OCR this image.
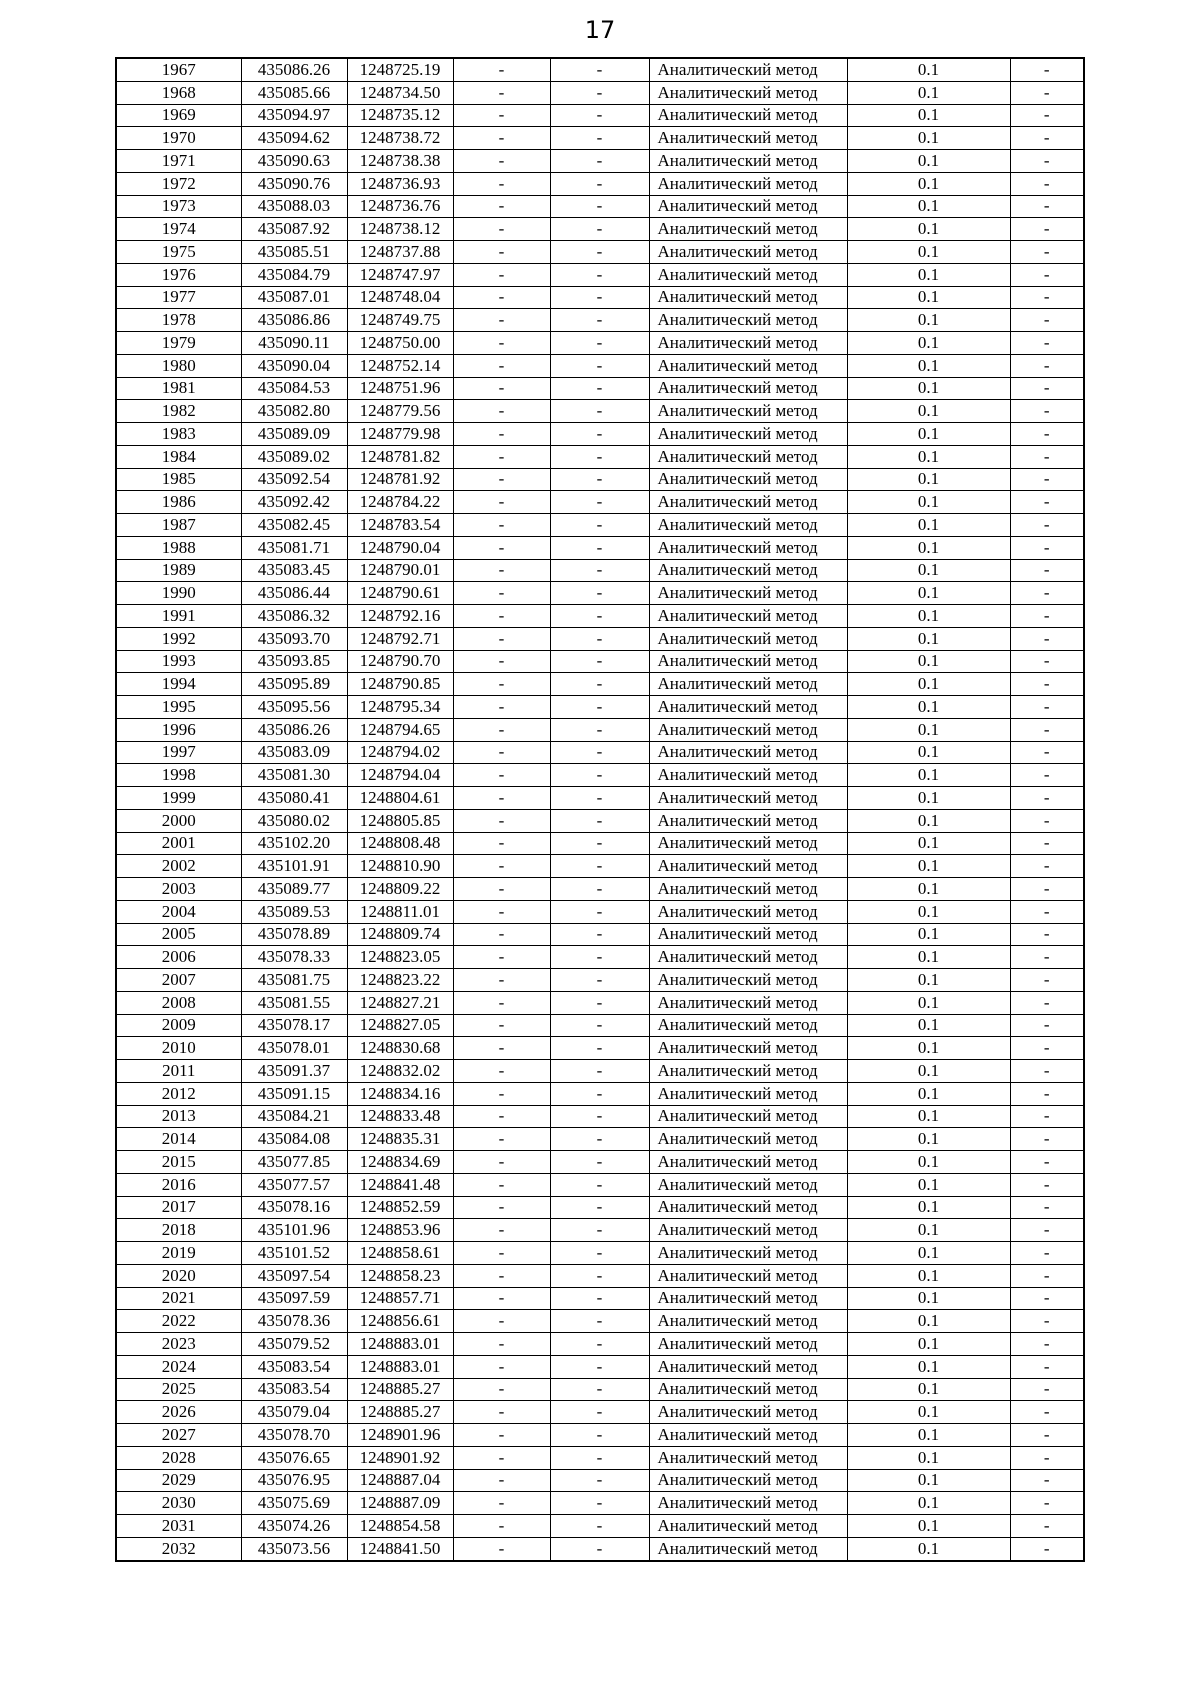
17
1967	435086.26	1248725.19	-	-	Аналитический метод	0.1	-
1968	435085.66	1248734.50	-	-	Аналитический метод	0.1	-
1969	435094.97	1248735.12	-	-	Аналитический метод	0.1	-
1970	435094.62	1248738.72	-	-	Аналитический метод	0.1	-
1971	435090.63	1248738.38	-	-	Аналитический метод	0.1	-
1972	435090.76	1248736.93	-	-	Аналитический метод	0.1	-
1973	435088.03	1248736.76	-	-	Аналитический метод	0.1	-
1974	435087.92	1248738.12	-	-	Аналитический метод	0.1	-
1975	435085.51	1248737.88	-	-	Аналитический метод	0.1	-
1976	435084.79	1248747.97	-	-	Аналитический метод	0.1	-
1977	435087.01	1248748.04	-	-	Аналитический метод	0.1	-
1978	435086.86	1248749.75	-	-	Аналитический метод	0.1	-
1979	435090.11	1248750.00	-	-	Аналитический метод	0.1	-
1980	435090.04	1248752.14	-	-	Аналитический метод	0.1	-
1981	435084.53	1248751.96	-	-	Аналитический метод	0.1	-
1982	435082.80	1248779.56	-	-	Аналитический метод	0.1	-
1983	435089.09	1248779.98	-	-	Аналитический метод	0.1	-
1984	435089.02	1248781.82	-	-	Аналитический метод	0.1	-
1985	435092.54	1248781.92	-	-	Аналитический метод	0.1	-
1986	435092.42	1248784.22	-	-	Аналитический метод	0.1	-
1987	435082.45	1248783.54	-	-	Аналитический метод	0.1	-
1988	435081.71	1248790.04	-	-	Аналитический метод	0.1	-
1989	435083.45	1248790.01	-	-	Аналитический метод	0.1	-
1990	435086.44	1248790.61	-	-	Аналитический метод	0.1	-
1991	435086.32	1248792.16	-	-	Аналитический метод	0.1	-
1992	435093.70	1248792.71	-	-	Аналитический метод	0.1	-
1993	435093.85	1248790.70	-	-	Аналитический метод	0.1	-
1994	435095.89	1248790.85	-	-	Аналитический метод	0.1	-
1995	435095.56	1248795.34	-	-	Аналитический метод	0.1	-
1996	435086.26	1248794.65	-	-	Аналитический метод	0.1	-
1997	435083.09	1248794.02	-	-	Аналитический метод	0.1	-
1998	435081.30	1248794.04	-	-	Аналитический метод	0.1	-
1999	435080.41	1248804.61	-	-	Аналитический метод	0.1	-
2000	435080.02	1248805.85	-	-	Аналитический метод	0.1	-
2001	435102.20	1248808.48	-	-	Аналитический метод	0.1	-
2002	435101.91	1248810.90	-	-	Аналитический метод	0.1	-
2003	435089.77	1248809.22	-	-	Аналитический метод	0.1	-
2004	435089.53	1248811.01	-	-	Аналитический метод	0.1	-
2005	435078.89	1248809.74	-	-	Аналитический метод	0.1	-
2006	435078.33	1248823.05	-	-	Аналитический метод	0.1	-
2007	435081.75	1248823.22	-	-	Аналитический метод	0.1	-
2008	435081.55	1248827.21	-	-	Аналитический метод	0.1	-
2009	435078.17	1248827.05	-	-	Аналитический метод	0.1	-
2010	435078.01	1248830.68	-	-	Аналитический метод	0.1	-
2011	435091.37	1248832.02	-	-	Аналитический метод	0.1	-
2012	435091.15	1248834.16	-	-	Аналитический метод	0.1	-
2013	435084.21	1248833.48	-	-	Аналитический метод	0.1	-
2014	435084.08	1248835.31	-	-	Аналитический метод	0.1	-
2015	435077.85	1248834.69	-	-	Аналитический метод	0.1	-
2016	435077.57	1248841.48	-	-	Аналитический метод	0.1	-
2017	435078.16	1248852.59	-	-	Аналитический метод	0.1	-
2018	435101.96	1248853.96	-	-	Аналитический метод	0.1	-
2019	435101.52	1248858.61	-	-	Аналитический метод	0.1	-
2020	435097.54	1248858.23	-	-	Аналитический метод	0.1	-
2021	435097.59	1248857.71	-	-	Аналитический метод	0.1	-
2022	435078.36	1248856.61	-	-	Аналитический метод	0.1	-
2023	435079.52	1248883.01	-	-	Аналитический метод	0.1	-
2024	435083.54	1248883.01	-	-	Аналитический метод	0.1	-
2025	435083.54	1248885.27	-	-	Аналитический метод	0.1	-
2026	435079.04	1248885.27	-	-	Аналитический метод	0.1	-
2027	435078.70	1248901.96	-	-	Аналитический метод	0.1	-
2028	435076.65	1248901.92	-	-	Аналитический метод	0.1	-
2029	435076.95	1248887.04	-	-	Аналитический метод	0.1	-
2030	435075.69	1248887.09	-	-	Аналитический метод	0.1	-
2031	435074.26	1248854.58	-	-	Аналитический метод	0.1	-
2032	435073.56	1248841.50	-	-	Аналитический метод	0.1	-
